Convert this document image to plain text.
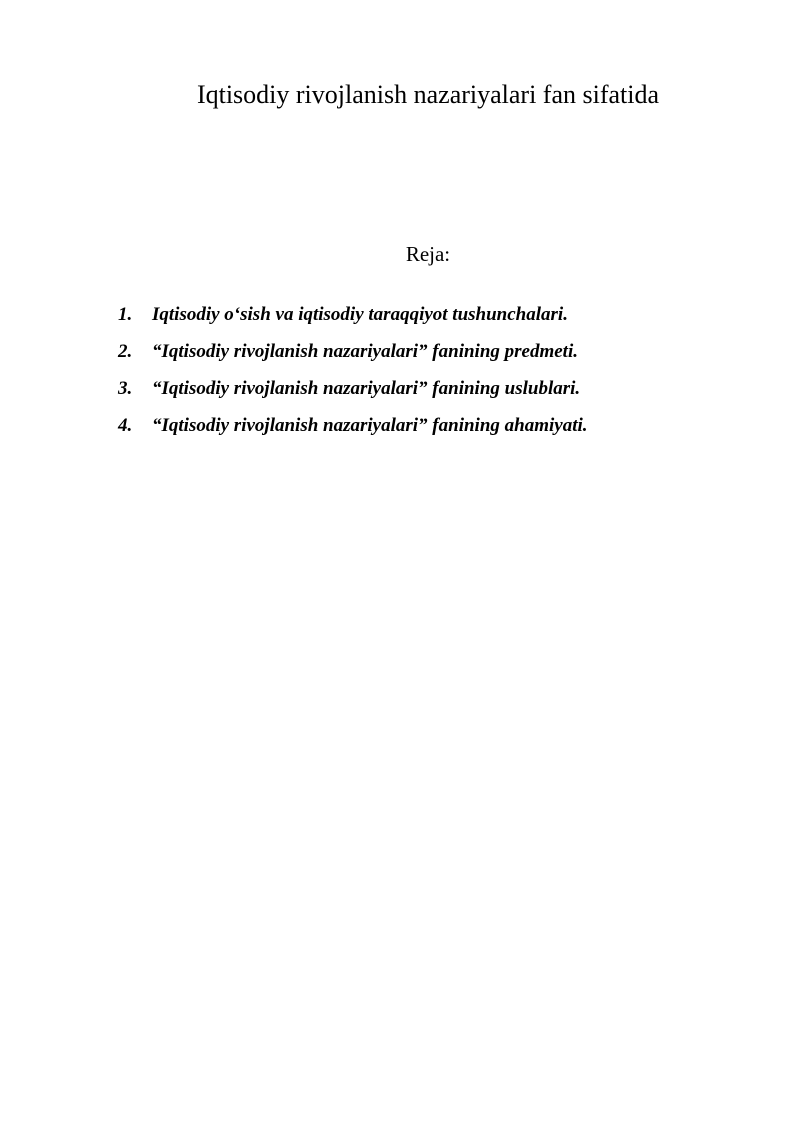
Iqtisodiy rivojlanish nazariyalari fan sifatida
Reja:
1.	Iqtisodiy o‘sish va iqtisodiy taraqqiyot tushunchalari.
2.	“Iqtisodiy rivojlanish nazariyalari” fanining predmeti.
3.	“Iqtisodiy rivojlanish nazariyalari” fanining uslublari.
4.	“Iqtisodiy rivojlanish nazariyalari” fanining ahamiyati.
